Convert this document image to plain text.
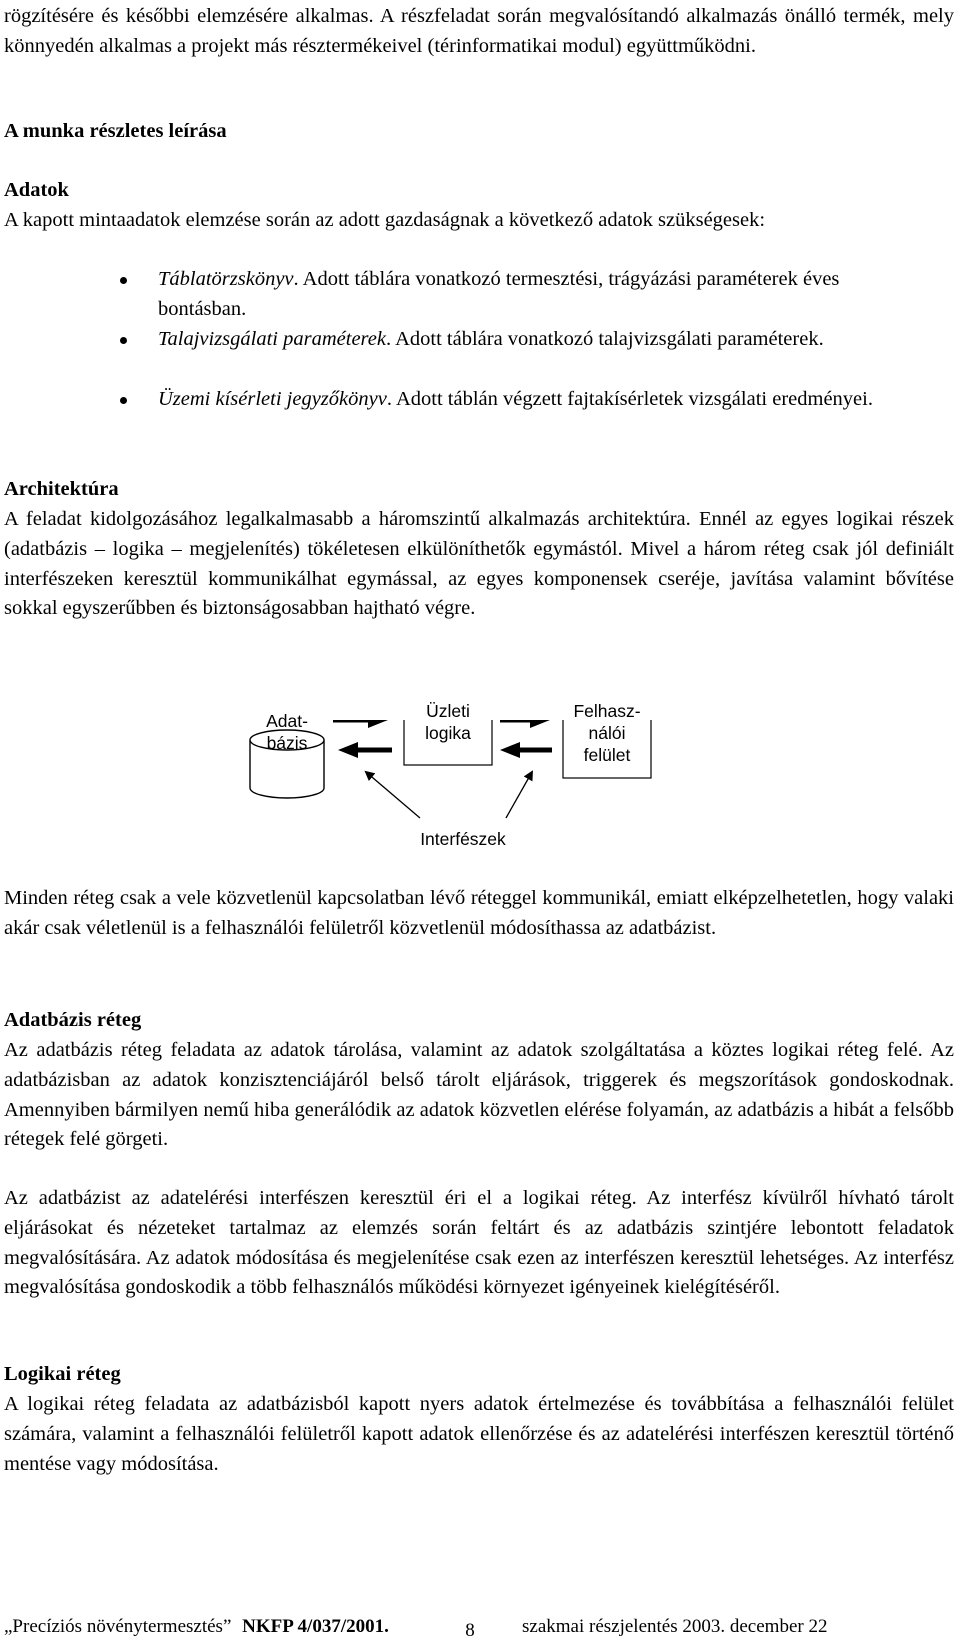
rögzítésére és későbbi elemzésére alkalmas. A részfeladat során megvalósítandó alkalmazás önálló termék, mely könnyedén alkalmas a projekt más résztermékeivel (térinformatikai modul) együttműködni.

A munka részletes leírása
Adatok

A kapott mintaadatok elemzése során az adott gazdaságnak a következő adatok szükségesek:

Táblatörzskönyv. Adott táblára vonatkozó termesztési, trágyázási paraméterek éves bontásban.
Talajvizsgálati paraméterek. Adott táblára vonatkozó talajvizsgálati paraméterek.
Üzemi kísérleti jegyzőkönyv. Adott táblán végzett fajtakísérletek vizsgálati eredményei.
Architektúra

A feladat kidolgozásához legalkalmasabb a háromszintű alkalmazás architektúra. Ennél az egyes logikai részek (adatbázis – logika – megjelenítés) tökéletesen elkülöníthetők egymástól. Mivel a három réteg csak jól definiált interfészeken keresztül kommunikálhat egymással, az egyes komponensek cseréje, javítása valamint bővítése sokkal egyszerűbben és biztonságosabban hajtható végre.

Adat-
bázis
Üzleti
logika
Felhasz-
nálói
felület
Interfészek

Minden réteg csak a vele közvetlenül kapcsolatban lévő réteggel kommunikál, emiatt elképzelhetetlen, hogy valaki akár csak véletlenül is a felhasználói felületről közvetlenül módosíthassa az adatbázist.

Adatbázis réteg

Az adatbázis réteg feladata az adatok tárolása, valamint az adatok szolgáltatása a köztes logikai réteg felé. Az adatbázisban az adatok konzisztenciájáról belső tárolt eljárások, triggerek és megszorítások gondoskodnak. Amennyiben bármilyen nemű hiba generálódik az adatok közvetlen elérése folyamán, az adatbázis a hibát a felsőbb rétegek felé görgeti.

Az adatbázist az adatelérési interfészen keresztül éri el a logikai réteg. Az interfész kívülről hívható tárolt eljárásokat és nézeteket tartalmaz az elemzés során feltárt és az adatbázis szintjére lebontott feladatok megvalósítására. Az adatok módosítása és megjelenítése csak ezen az interfészen keresztül lehetséges. Az interfész megvalósítása gondoskodik a több felhasználós működési környezet igényeinek kielégítéséről.

Logikai réteg

A logikai réteg feladata az adatbázisból kapott nyers adatok értelmezése és továbbítása a felhasználói felület számára, valamint a felhasználói felületről kapott adatok ellenőrzése és az adatelérési interfészen keresztül történő mentése vagy módosítása.

„Precíziós növénytermesztés” NKFP 4/037/2001.	szakmai részjelentés 2003. december 22
8
